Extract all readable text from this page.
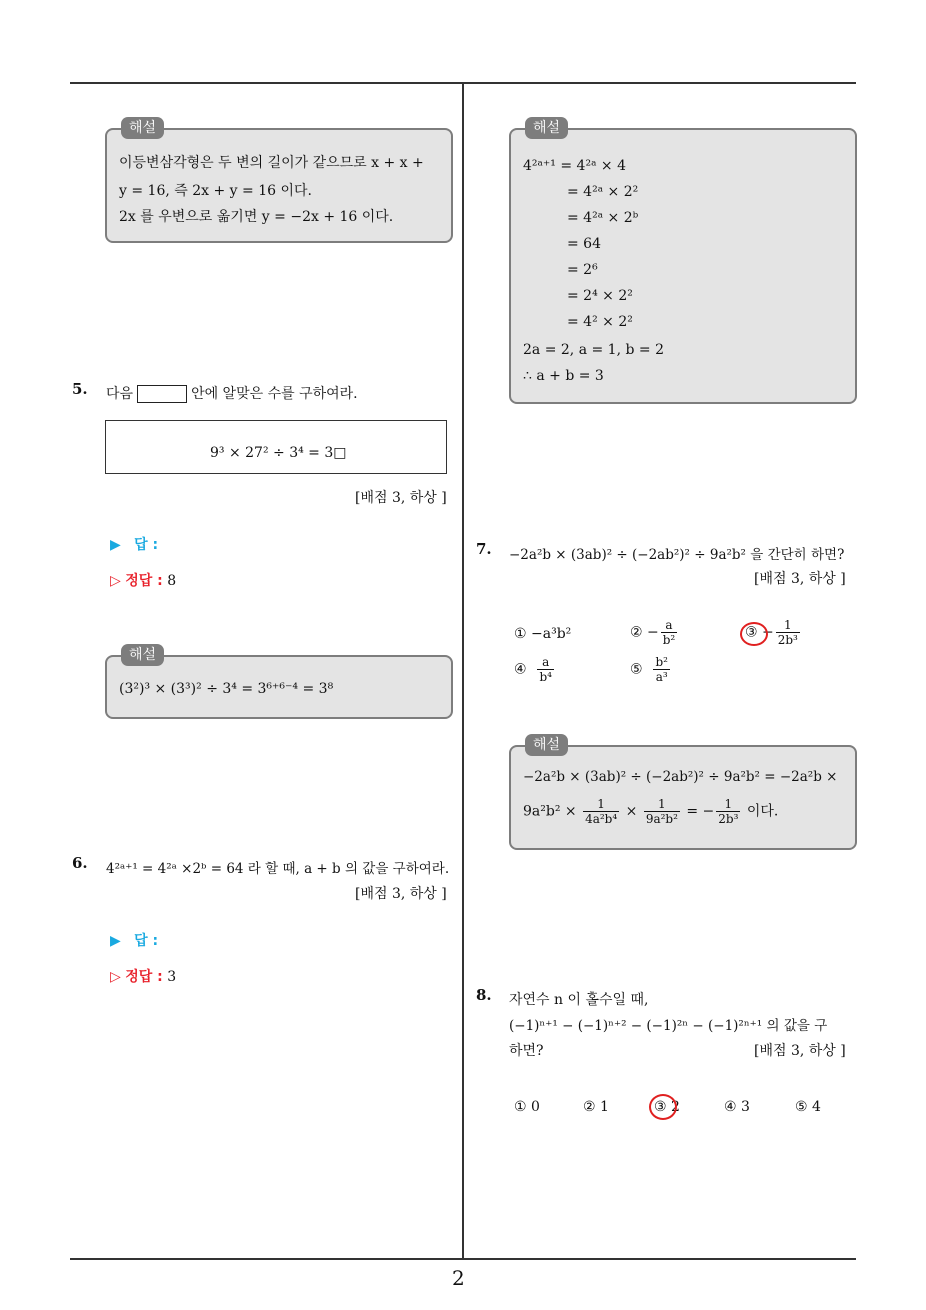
해설
이등변삼각형은 두 변의 길이가 같으므로 x + x +
y = 16, 즉 2x + y = 16 이다.
2x 를 우변으로 옮기면 y = −2x + 16 이다.
5. 다음	안에 알맞은 수를 구하여라.
9³ × 27² ÷ 3⁴ = 3□
[배점 3, 하상 ]
▶ 답 :
▷ 정답 : 8
해설
(3²)³ × (3³)² ÷ 3⁴ = 3⁶⁺⁶⁻⁴ = 3⁸
6. 4²ᵃ⁺¹ = 4²ᵃ ×2ᵇ = 64 라 할 때, a + b 의 값을 구하여라.
[배점 3, 하상 ]
▶ 답 :
▷ 정답 : 3
해설
4²ᵃ⁺¹ = 4²ᵃ × 4
= 4²ᵃ × 2²
= 4²ᵃ × 2ᵇ
= 64
= 2⁶
= 2⁴ × 2²
= 4² × 2²
2a = 2, a = 1, b = 2
∴ a + b = 3
7. −2a²b × (3ab)² ÷ (−2ab²)² ÷ 9a²b² 을 간단히 하면?
[배점 3, 하상 ]
① −a³b²	② − $\frac{a}{\text{b²}}$	③ − $\frac{1}{\text{2b³}}$
④ $\frac{a}{\text{b⁴}}$	⑤ $\frac{\text{b²}}{\text{a³}}$
해설
−2a²b × (3ab)² ÷ (−2ab²)² ÷ 9a²b² = −2a²b ×
$9a^2b^2 \times \frac{1}{\text{4a²b⁴}} \times \frac{1}{\text{9a²b²}}$ = − $\frac{1}{\text{2b³}}$ 이다.
8. 자연수 n 이 홀수일 때,
(−1)ⁿ⁺¹ − (−1)ⁿ⁺² − (−1)²ⁿ − (−1)²ⁿ⁺¹ 의 값을 구
하면?	[배점 3, 하상 ]
① 0	② 1	③ 2	④ 3	⑤ 4
2
